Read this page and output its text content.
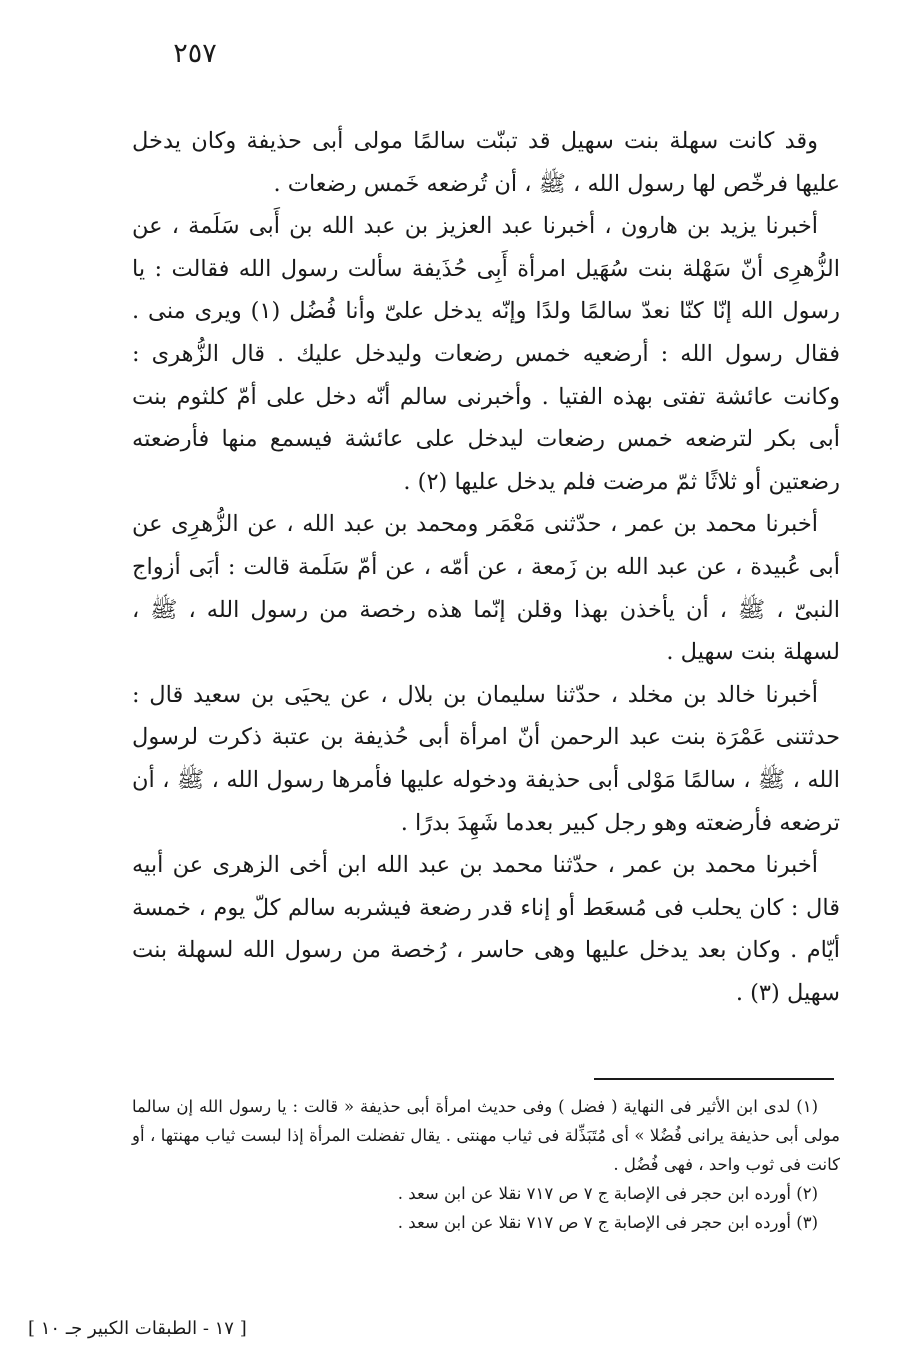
٢٥٧

وقد كانت سهلة بنت سهيل قد تبنّت سالمًا مولى أبى حذيفة وكان يدخل عليها فرخّص لها رسول الله ، ﷺ ، أن تُرضعه خَمس رضعات .

أخبرنا يزيد بن هارون ، أخبرنا عبد العزيز بن عبد الله بن أَبى سَلَمة ، عن الزُّهرِى أنّ سَهْلة بنت سُهَيل امرأة أَبِى حُذَيفة سألت رسول الله فقالت : يا رسول الله إنّا كنّا نعدّ سالمًا ولدًا وإنّه يدخل علىّ وأنا فُضُل (١) ويرى منى . فقال رسول الله : أرضعيه خمس رضعات وليدخل عليك . قال الزُّهرى : وكانت عائشة تفتى بهذه الفتيا . وأخبرنى سالم أنّه دخل على أمّ كلثوم بنت أبى بكر لترضعه خمس رضعات ليدخل على عائشة فيسمع منها فأرضعته رضعتين أو ثلاثًا ثمّ مرضت فلم يدخل عليها (٢) .

أخبرنا محمد بن عمر ، حدّثنى مَعْمَر ومحمد بن عبد الله ، عن الزُّهرِى عن أبى عُبيدة ، عن عبد الله بن زَمعة ، عن أمّه ، عن أمّ سَلَمة قالت : أبَى أزواج النبىّ ، ﷺ ، أن يأخذن بهذا وقلن إنّما هذه رخصة من رسول الله ، ﷺ ، لسهلة بنت سهيل .

أخبرنا خالد بن مخلد ، حدّثنا سليمان بن بلال ، عن يحيَى بن سعيد قال : حدثتنى عَمْرَة بنت عبد الرحمن أنّ امرأة أبى حُذيفة بن عتبة ذكرت لرسول الله ، ﷺ ، سالمًا مَوْلى أبى حذيفة ودخوله عليها فأمرها رسول الله ، ﷺ ، أن ترضعه فأرضعته وهو رجل كبير بعدما شَهِدَ بدرًا .

أخبرنا محمد بن عمر ، حدّثنا محمد بن عبد الله ابن أخى الزهرى عن أبيه قال : كان يحلب فى مُسعَط أو إناء قدر رضعة فيشربه سالم كلّ يوم ، خمسة أيّام . وكان بعد يدخل عليها وهى حاسر ، رُخصة من رسول الله لسهلة بنت سهيل (٣) .

(١) لدى ابن الأثير فى النهاية ( فضل ) وفى حديث امرأة أبى حذيفة « قالت : يا رسول الله إن سالما مولى أبى حذيفة يرانى فُضُلا » أى مُتَبَذِّلة فى ثياب مهنتى . يقال تفضلت المرأة إذا لبست ثياب مهنتها ، أو كانت فى ثوب واحد ، فهى فُضُل .

(٢) أورده ابن حجر فى الإصابة ج ٧ ص ٧١٧ نقلا عن ابن سعد .

(٣) أورده ابن حجر فى الإصابة ج ٧ ص ٧١٧ نقلا عن ابن سعد .

[ ١٧ - الطبقات الكبير جـ ١٠ ]
